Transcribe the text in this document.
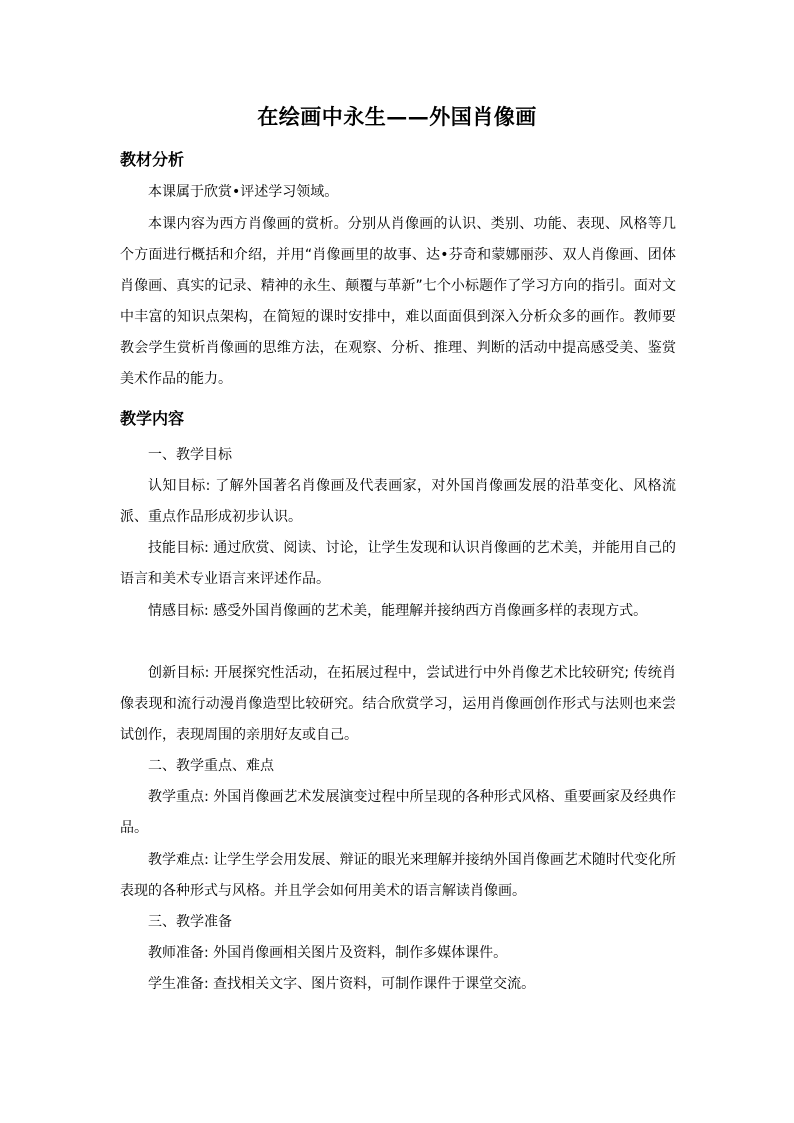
在绘画中永生——外国肖像画
教材分析

本课属于欣赏•评述学习领域。

本课内容为西方肖像画的赏析。分别从肖像画的认识、类别、功能、表现、风格等几个方面进行概括和介绍，并用“肖像画里的故事、达•芬奇和蒙娜丽莎、双人肖像画、团体肖像画、真实的记录、精神的永生、颠覆与革新”七个小标题作了学习方向的指引。面对文中丰富的知识点架构，在简短的课时安排中，难以面面俱到深入分析众多的画作。教师要教会学生赏析肖像画的思维方法，在观察、分析、推理、判断的活动中提高感受美、鉴赏美术作品的能力。

教学内容

一、教学目标

认知目标: 了解外国著名肖像画及代表画家，对外国肖像画发展的沿革变化、风格流派、重点作品形成初步认识。

技能目标: 通过欣赏、阅读、讨论，让学生发现和认识肖像画的艺术美，并能用自己的语言和美术专业语言来评述作品。

情感目标: 感受外国肖像画的艺术美，能理解并接纳西方肖像画多样的表现方式。

创新目标: 开展探究性活动，在拓展过程中，尝试进行中外肖像艺术比较研究; 传统肖像表现和流行动漫肖像造型比较研究。结合欣赏学习，运用肖像画创作形式与法则也来尝试创作，表现周围的亲朋好友或自己。

二、教学重点、难点

教学重点: 外国肖像画艺术发展演变过程中所呈现的各种形式风格、重要画家及经典作品。

教学难点: 让学生学会用发展、辩证的眼光来理解并接纳外国肖像画艺术随时代变化所表现的各种形式与风格。并且学会如何用美术的语言解读肖像画。

三、教学准备

教师准备: 外国肖像画相关图片及资料，制作多媒体课件。

学生准备: 查找相关文字、图片资料，可制作课件于课堂交流。
